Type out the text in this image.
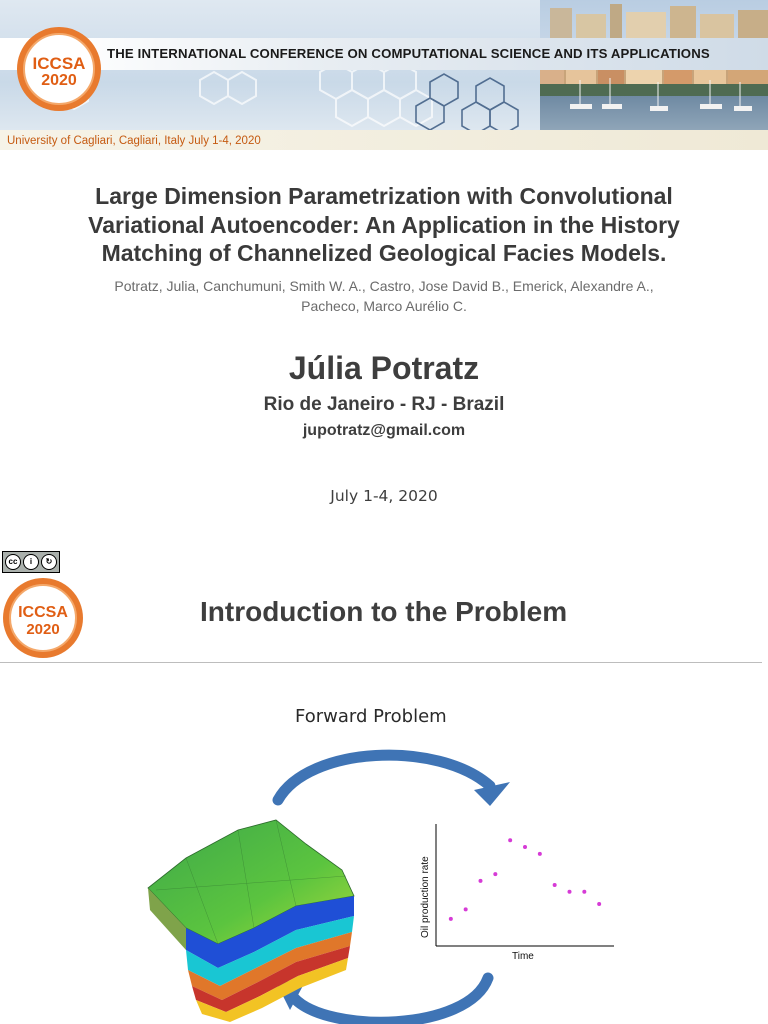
THE INTERNATIONAL CONFERENCE ON COMPUTATIONAL SCIENCE AND ITS APPLICATIONS
University of Cagliari, Cagliari, Italy July 1-4, 2020
ICCSA
2020
Large Dimension Parametrization with Convolutional
Variational Autoencoder: An Application in the History
Matching of Channelized Geological Facies Models.
Potratz, Julia, Canchumuni, Smith W. A., Castro, Jose David B., Emerick, Alexandre A.,
Pacheco, Marco Aurélio C.
Júlia Potratz
Rio de Janeiro - RJ - Brazil
jupotratz@gmail.com
July 1-4, 2020
cc	i	↻
ICCSA
2020
Introduction to the Problem
Forward Problem
Oil production rate
Time
